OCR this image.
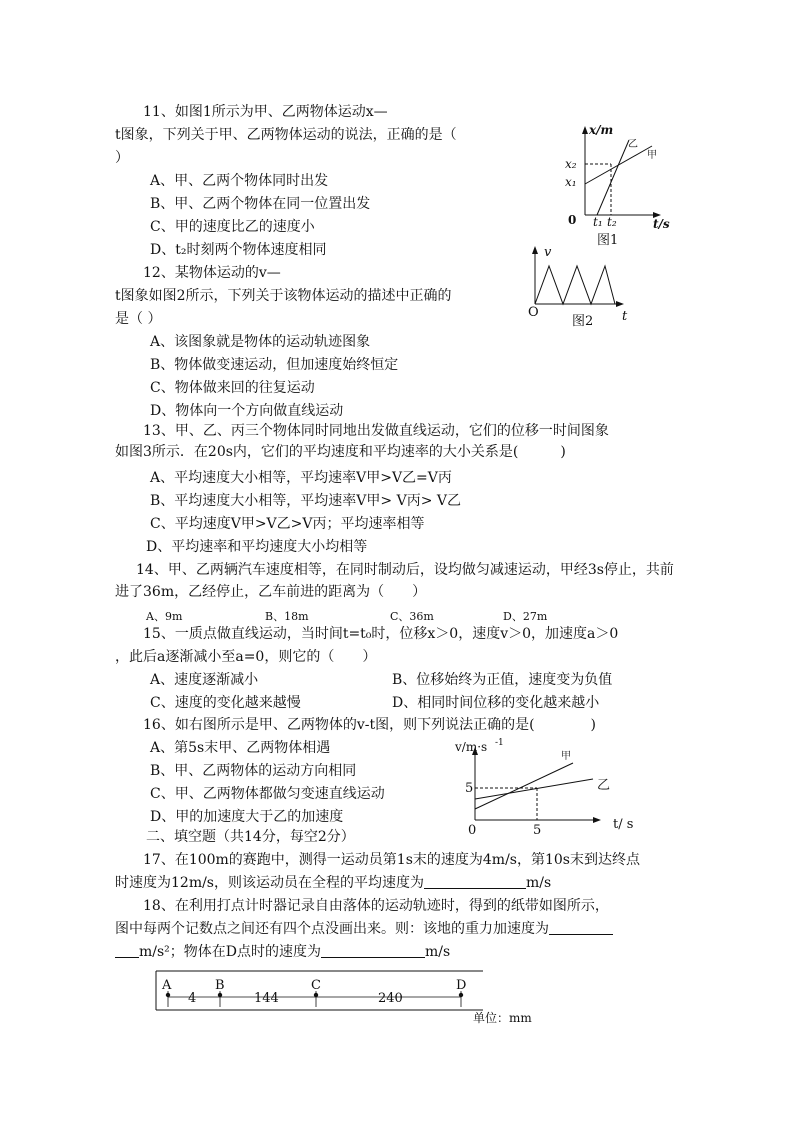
11、如图1所示为甲、乙两物体运动x—
t图象，下列关于甲、乙两物体运动的说法，正确的是（
）
A、甲、乙两个物体同时出发
B、甲、乙两个物体在同一位置出发
C、甲的速度比乙的速度小
D、t₂时刻两个物体速度相同
x/m
x₂
x₁
0 t₁ t₂	t/s
乙
甲
图1
12、某物体运动的v—
t图象如图2所示，下列关于该物体运动的描述中正确的
是（ ）
A、该图象就是物体的运动轨迹图象
B、物体做变速运动，但加速度始终恒定
C、物体做来回的往复运动
D、物体向一个方向做直线运动
v
O
图2 t
13、甲、乙、丙三个物体同时同地出发做直线运动，它们的位移一时间图象
如图3所示．在20s内，它们的平均速度和平均速率的大小关系是(　　　)
A、平均速度大小相等，平均速率V甲>V乙=V丙
B、平均速度大小相等，平均速率V甲> V丙> V乙
C、平均速度V甲>V乙>V丙；平均速率相等
D、平均速率和平均速度大小均相等
14、甲、乙两辆汽车速度相等，在同时制动后，设均做匀减速运动，甲经3s停止，共前
进了36m，乙经停止，乙车前进的距离为（　　）
A、9m	B、18m	C、36m	D、27m
15、一质点做直线运动，当时间t=t₀时，位移x＞0，速度v＞0，加速度a＞0
，此后a逐渐减小至a=0，则它的（　　）
A、速度逐渐减小	B、位移始终为正值，速度变为负值
C、速度的变化越来越慢	D、相同时间位移的变化越来越小
16、如右图所示是甲、乙两物体的v-t图，则下列说法正确的是(　　　　)
A、第5s末甲、乙两物体相遇
B、甲、乙两物体的运动方向相同
C、甲、乙两物体都做匀变速直线运动
D、甲的加速度大于乙的加速度
v/m·s -1
甲
乙
5
0	5	t/ s
二、填空题（共14分，每空2分）
17、在100m的赛跑中，测得一运动员第1s末的速度为4m/s，第10s末到达终点
时速度为12m/s，则该运动员在全程的平均速度为	m/s
18、在利用打点计时器记录自由落体的运动轨迹时，得到的纸带如图所示，
图中每两个记数点之间还有四个点没画出来。则：该地的重力加速度为
m/s²；物体在D点时的速度为	m/s
A	B	C	D
4	144	240
单位：mm
